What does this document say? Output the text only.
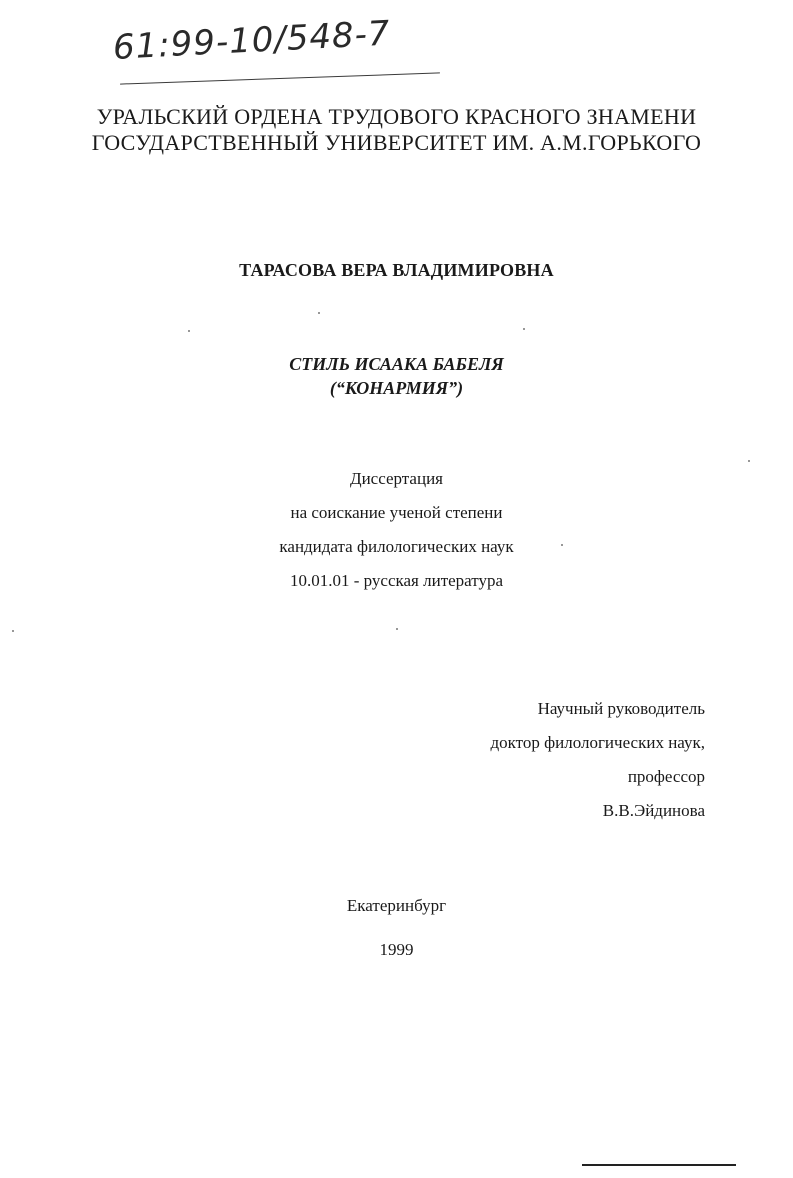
61:99-10/548-7
УРАЛЬСКИЙ ОРДЕНА ТРУДОВОГО КРАСНОГО ЗНАМЕНИ
ГОСУДАРСТВЕННЫЙ УНИВЕРСИТЕТ ИМ. А.М.ГОРЬКОГО
ТАРАСОВА ВЕРА ВЛАДИМИРОВНА
СТИЛЬ ИСААКА БАБЕЛЯ
(“КОНАРМИЯ”)
Диссертация
на соискание ученой степени
кандидата филологических наук
10.01.01 - русская литература
Научный руководитель
доктор филологических наук,
профессор
В.В.Эйдинова
Екатеринбург
1999
